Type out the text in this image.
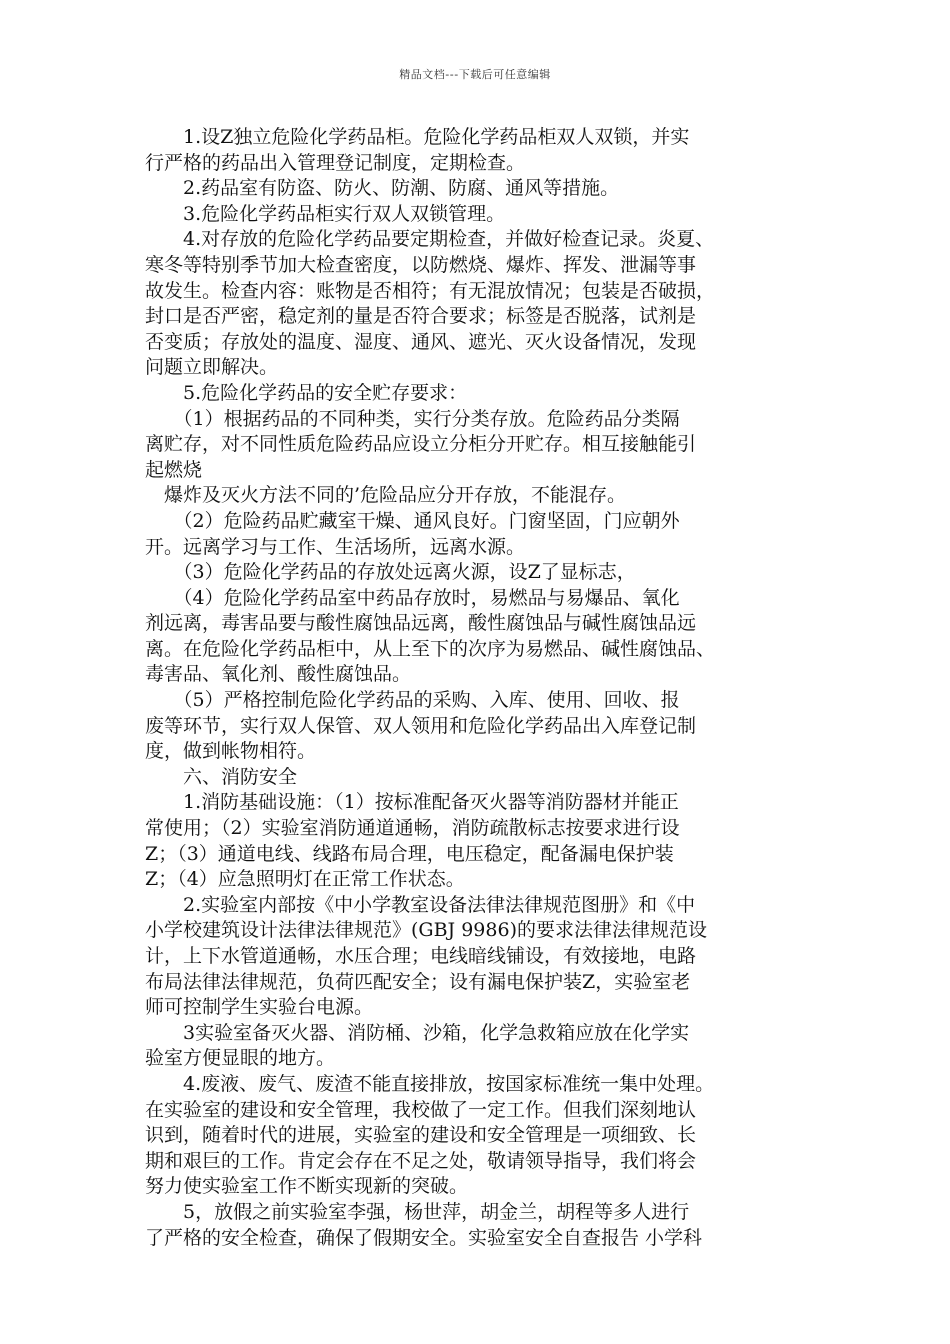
精品文档---下载后可任意编辑
　　1.设Z独立危险化学药品柜。危险化学药品柜双人双锁，并实
行严格的药品出入管理登记制度，定期检查。
　　2.药品室有防盗、防火、防潮、防腐、通风等措施。
　　3.危险化学药品柜实行双人双锁管理。
　　4.对存放的危险化学药品要定期检查，并做好检查记录。炎夏、
寒冬等特别季节加大检查密度，以防燃烧、爆炸、挥发、泄漏等事
故发生。检查内容：账物是否相符；有无混放情况；包装是否破损，
封口是否严密，稳定剂的量是否符合要求；标签是否脱落，试剂是
否变质；存放处的温度、湿度、通风、遮光、灭火设备情况，发现
问题立即解决。
　　5.危险化学药品的安全贮存要求：
　　（1）根据药品的不同种类，实行分类存放。危险药品分类隔
离贮存，对不同性质危险药品应设立分柜分开贮存。相互接触能引
起燃烧
　爆炸及灭火方法不同的’危险品应分开存放，不能混存。
　　（2）危险药品贮藏室干燥、通风良好。门窗坚固，门应朝外
开。远离学习与工作、生活场所，远离水源。
　　（3）危险化学药品的存放处远离火源，设Z了显标志，
　　（4）危险化学药品室中药品存放时，易燃品与易爆品、氧化
剂远离，毒害品要与酸性腐蚀品远离，酸性腐蚀品与碱性腐蚀品远
离。在危险化学药品柜中，从上至下的次序为易燃品、碱性腐蚀品、
毒害品、氧化剂、酸性腐蚀品。
　　（5）严格控制危险化学药品的采购、入库、使用、回收、报
废等环节，实行双人保管、双人领用和危险化学药品出入库登记制
度，做到帐物相符。
　　六、消防安全
　　1.消防基础设施：（1）按标准配备灭火器等消防器材并能正
常使用；（2）实验室消防通道通畅，消防疏散标志按要求进行设
Z；（3）通道电线、线路布局合理，电压稳定，配备漏电保护装
Z；（4）应急照明灯在正常工作状态。
　　2.实验室内部按《中小学教室设备法律法律规范图册》和《中
小学校建筑设计法律法律规范》(GBJ 9986)的要求法律法律规范设
计，上下水管道通畅，水压合理；电线暗线铺设，有效接地，电路
布局法律法律规范，负荷匹配安全；设有漏电保护装Z，实验室老
师可控制学生实验台电源。
　　3实验室备灭火器、消防桶、沙箱，化学急救箱应放在化学实
验室方便显眼的地方。
　　4.废液、废气、废渣不能直接排放，按国家标准统一集中处理。
在实验室的建设和安全管理，我校做了一定工作。但我们深刻地认
识到，随着时代的进展，实验室的建设和安全管理是一项细致、长
期和艰巨的工作。肯定会存在不足之处，敬请领导指导，我们将会
努力使实验室工作不断实现新的突破。
　　5，放假之前实验室李强，杨世萍，胡金兰，胡程等多人进行
了严格的安全检查，确保了假期安全。实验室安全自查报告 小学科
